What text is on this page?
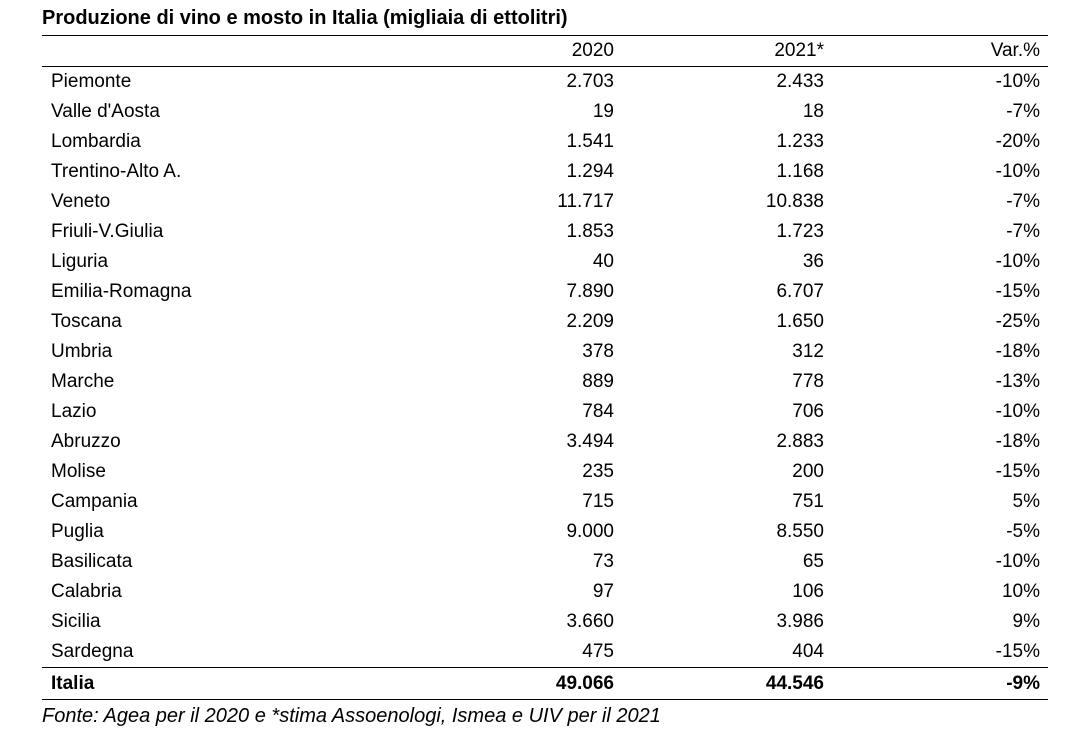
Produzione di vino e mosto in Italia (migliaia di ettolitri)
	2020	2021*	Var.%
Piemonte	2.703	2.433	-10%
Valle d'Aosta	19	18	-7%
Lombardia	1.541	1.233	-20%
Trentino-Alto A.	1.294	1.168	-10%
Veneto	11.717	10.838	-7%
Friuli-V.Giulia	1.853	1.723	-7%
Liguria	40	36	-10%
Emilia-Romagna	7.890	6.707	-15%
Toscana	2.209	1.650	-25%
Umbria	378	312	-18%
Marche	889	778	-13%
Lazio	784	706	-10%
Abruzzo	3.494	2.883	-18%
Molise	235	200	-15%
Campania	715	751	5%
Puglia	9.000	8.550	-5%
Basilicata	73	65	-10%
Calabria	97	106	10%
Sicilia	3.660	3.986	9%
Sardegna	475	404	-15%
Italia	49.066	44.546	-9%
Fonte: Agea per il 2020 e *stima Assoenologi, Ismea e UIV per il 2021
